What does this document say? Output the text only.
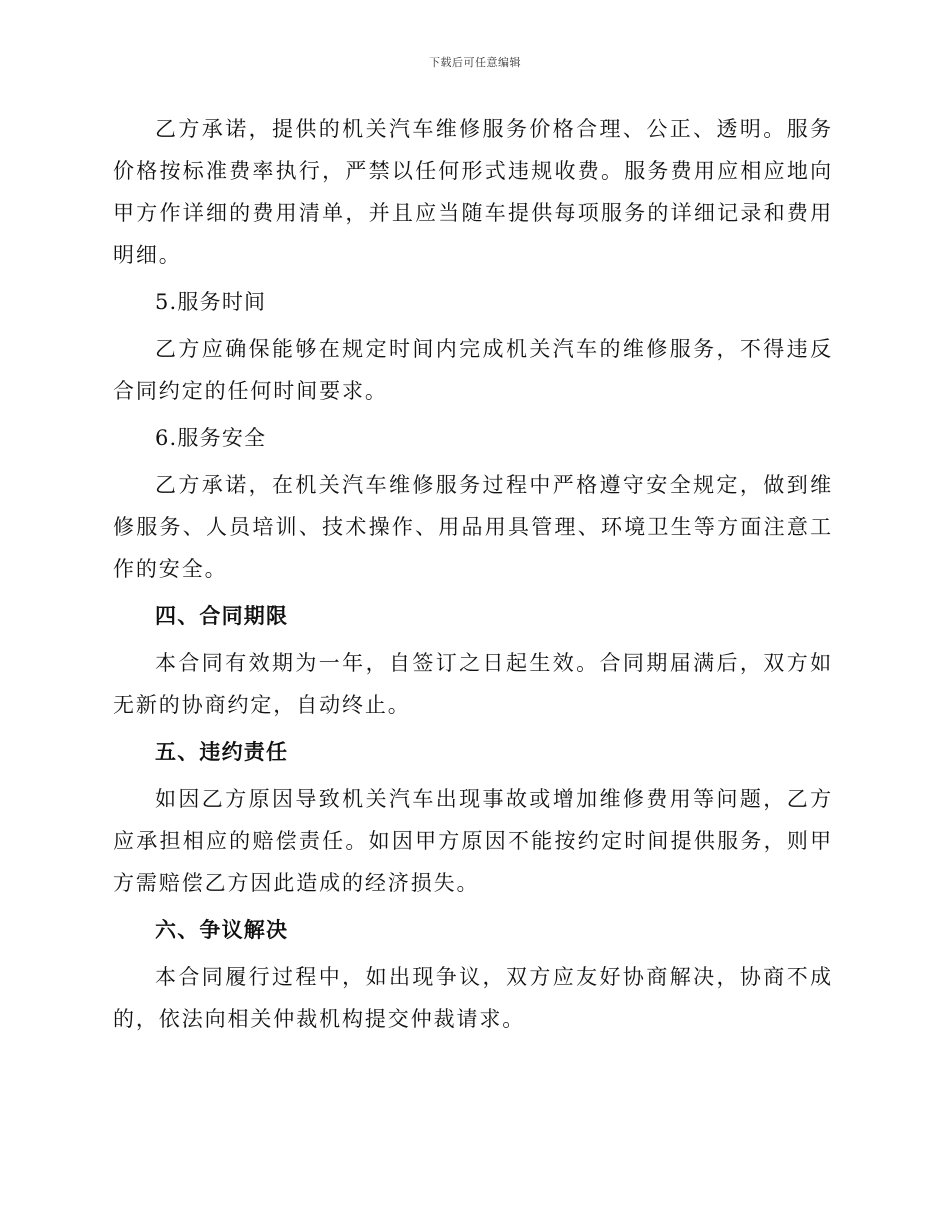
下载后可任意编辑

乙方承诺，提供的机关汽车维修服务价格合理、公正、透明。服务价格按标准费率执行，严禁以任何形式违规收费。服务费用应相应地向甲方作详细的费用清单，并且应当随车提供每项服务的详细记录和费用明细。

5.服务时间

乙方应确保能够在规定时间内完成机关汽车的维修服务，不得违反合同约定的任何时间要求。

6.服务安全

乙方承诺，在机关汽车维修服务过程中严格遵守安全规定，做到维修服务、人员培训、技术操作、用品用具管理、环境卫生等方面注意工作的安全。

四、合同期限

本合同有效期为一年，自签订之日起生效。合同期届满后，双方如无新的协商约定，自动终止。

五、违约责任

如因乙方原因导致机关汽车出现事故或增加维修费用等问题，乙方应承担相应的赔偿责任。如因甲方原因不能按约定时间提供服务，则甲方需赔偿乙方因此造成的经济损失。

六、争议解决

本合同履行过程中，如出现争议，双方应友好协商解决，协商不成的，依法向相关仲裁机构提交仲裁请求。
